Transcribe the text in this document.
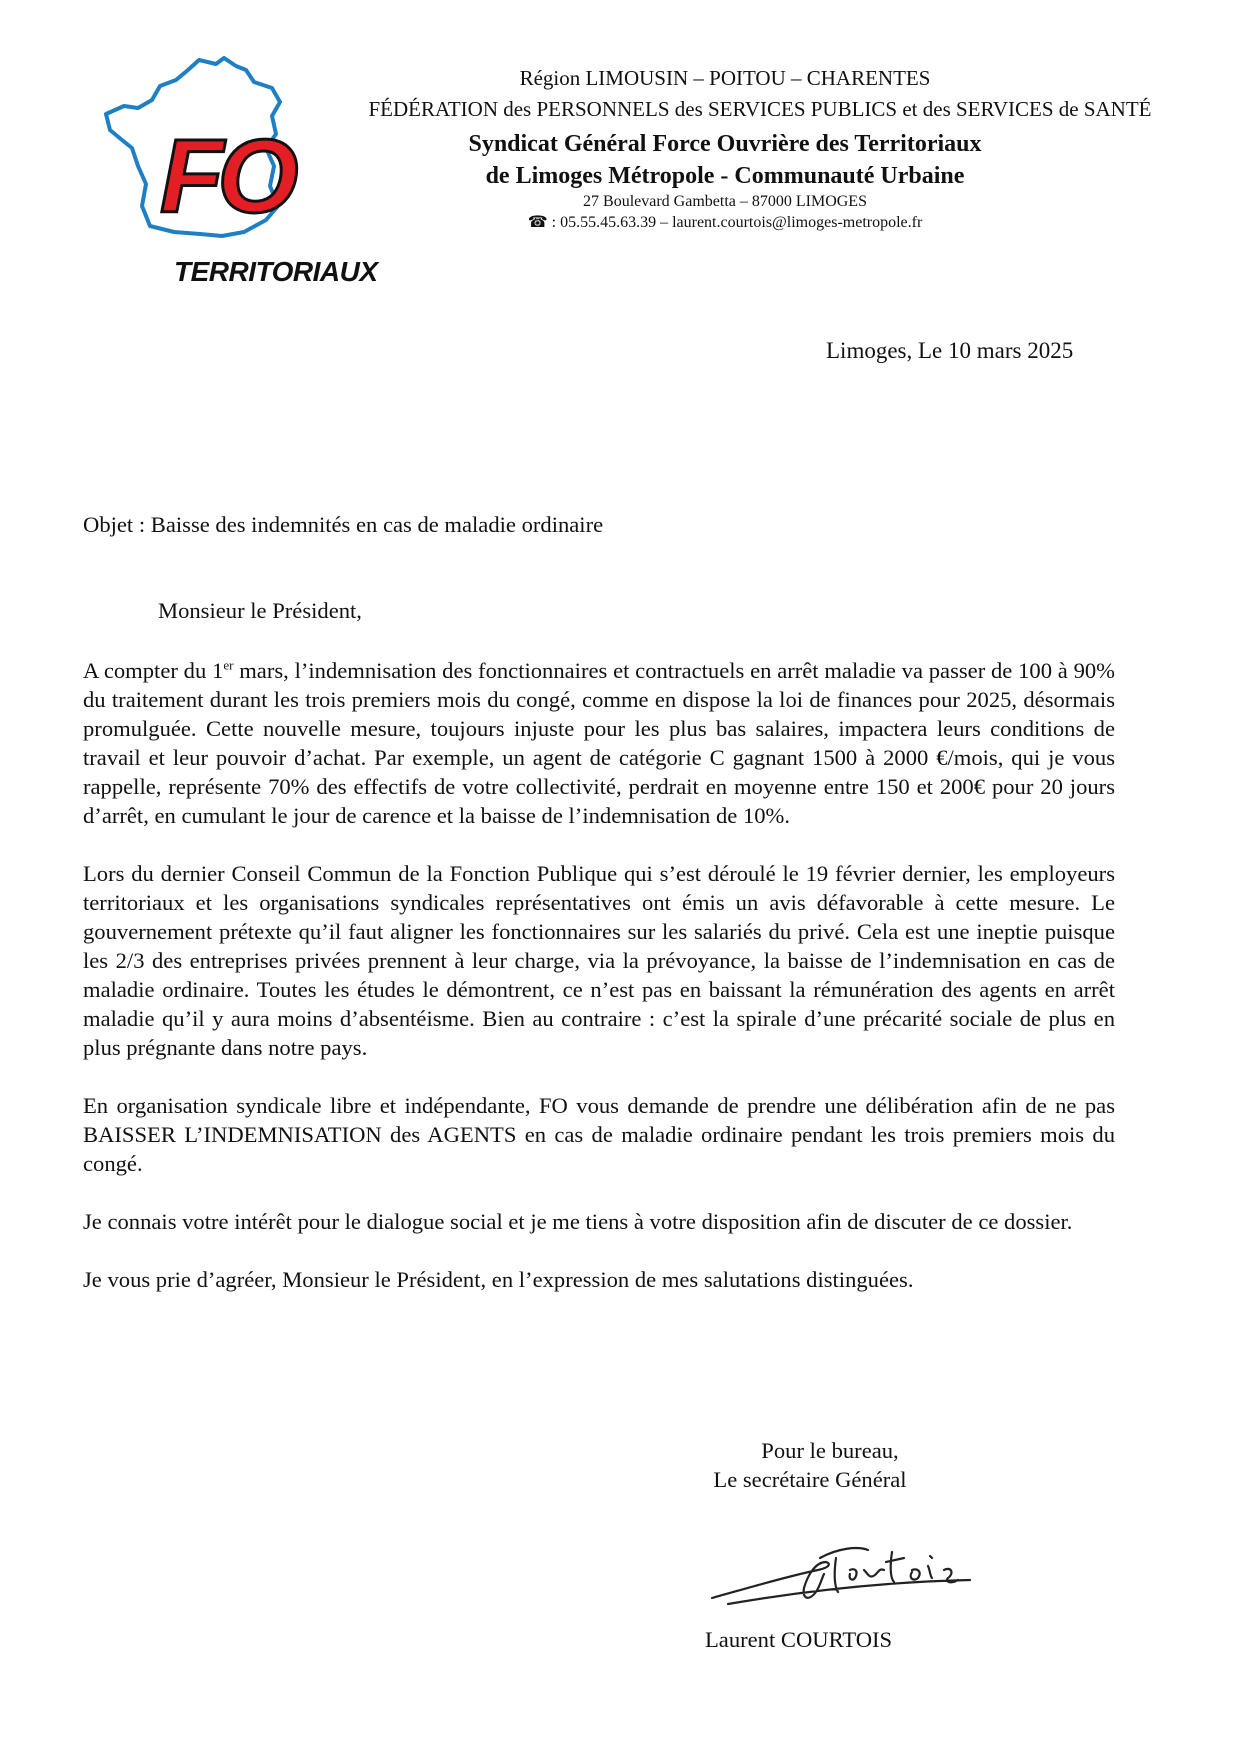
FO
TERRITORIAUX
Région LIMOUSIN – POITOU – CHARENTES
FÉDÉRATION des PERSONNELS des SERVICES PUBLICS et des SERVICES de SANTÉ
Syndicat Général Force Ouvrière des Territoriaux
de Limoges Métropole - Communauté Urbaine
27 Boulevard Gambetta – 87000 LIMOGES
☎ : 05.55.45.63.39 – laurent.courtois@limoges-metropole.fr
Limoges, Le 10 mars 2025
Objet : Baisse des indemnités en cas de maladie ordinaire
Monsieur le Président,

A compter du 1er mars, l’indemnisation des fonctionnaires et contractuels en arrêt maladie va passer de 100 à 90% du traitement durant les trois premiers mois du congé, comme en dispose la loi de finances pour 2025, désormais promulguée. Cette nouvelle mesure, toujours injuste pour les plus bas salaires, impactera leurs conditions de travail et leur pouvoir d’achat. Par exemple, un agent de catégorie C gagnant 1500 à 2000 €/mois, qui je vous rappelle, représente 70% des effectifs de votre collectivité, perdrait en moyenne entre 150 et 200€ pour 20 jours d’arrêt, en cumulant le jour de carence et la baisse de l’indemnisation de 10%.

Lors du dernier Conseil Commun de la Fonction Publique qui s’est déroulé le 19 février dernier, les employeurs territoriaux et les organisations syndicales représentatives ont émis un avis défavorable à cette mesure. Le gouvernement prétexte qu’il faut aligner les fonctionnaires sur les salariés du privé. Cela est une ineptie puisque les 2/3 des entreprises privées prennent à leur charge, via la prévoyance, la baisse de l’indemnisation en cas de maladie ordinaire. Toutes les études le démontrent, ce n’est pas en baissant la rémunération des agents en arrêt maladie qu’il y aura moins d’absentéisme. Bien au contraire : c’est la spirale d’une précarité sociale de plus en plus prégnante dans notre pays.

En organisation syndicale libre et indépendante, FO vous demande de prendre une délibération afin de ne pas BAISSER L’INDEMNISATION des AGENTS en cas de maladie ordinaire pendant les trois premiers mois du congé.

Je connais votre intérêt pour le dialogue social et je me tiens à votre disposition afin de discuter de ce dossier.

Je vous prie d’agréer, Monsieur le Président, en l’expression de mes salutations distinguées.

Pour le bureau,
Le secrétaire Général
Laurent COURTOIS
